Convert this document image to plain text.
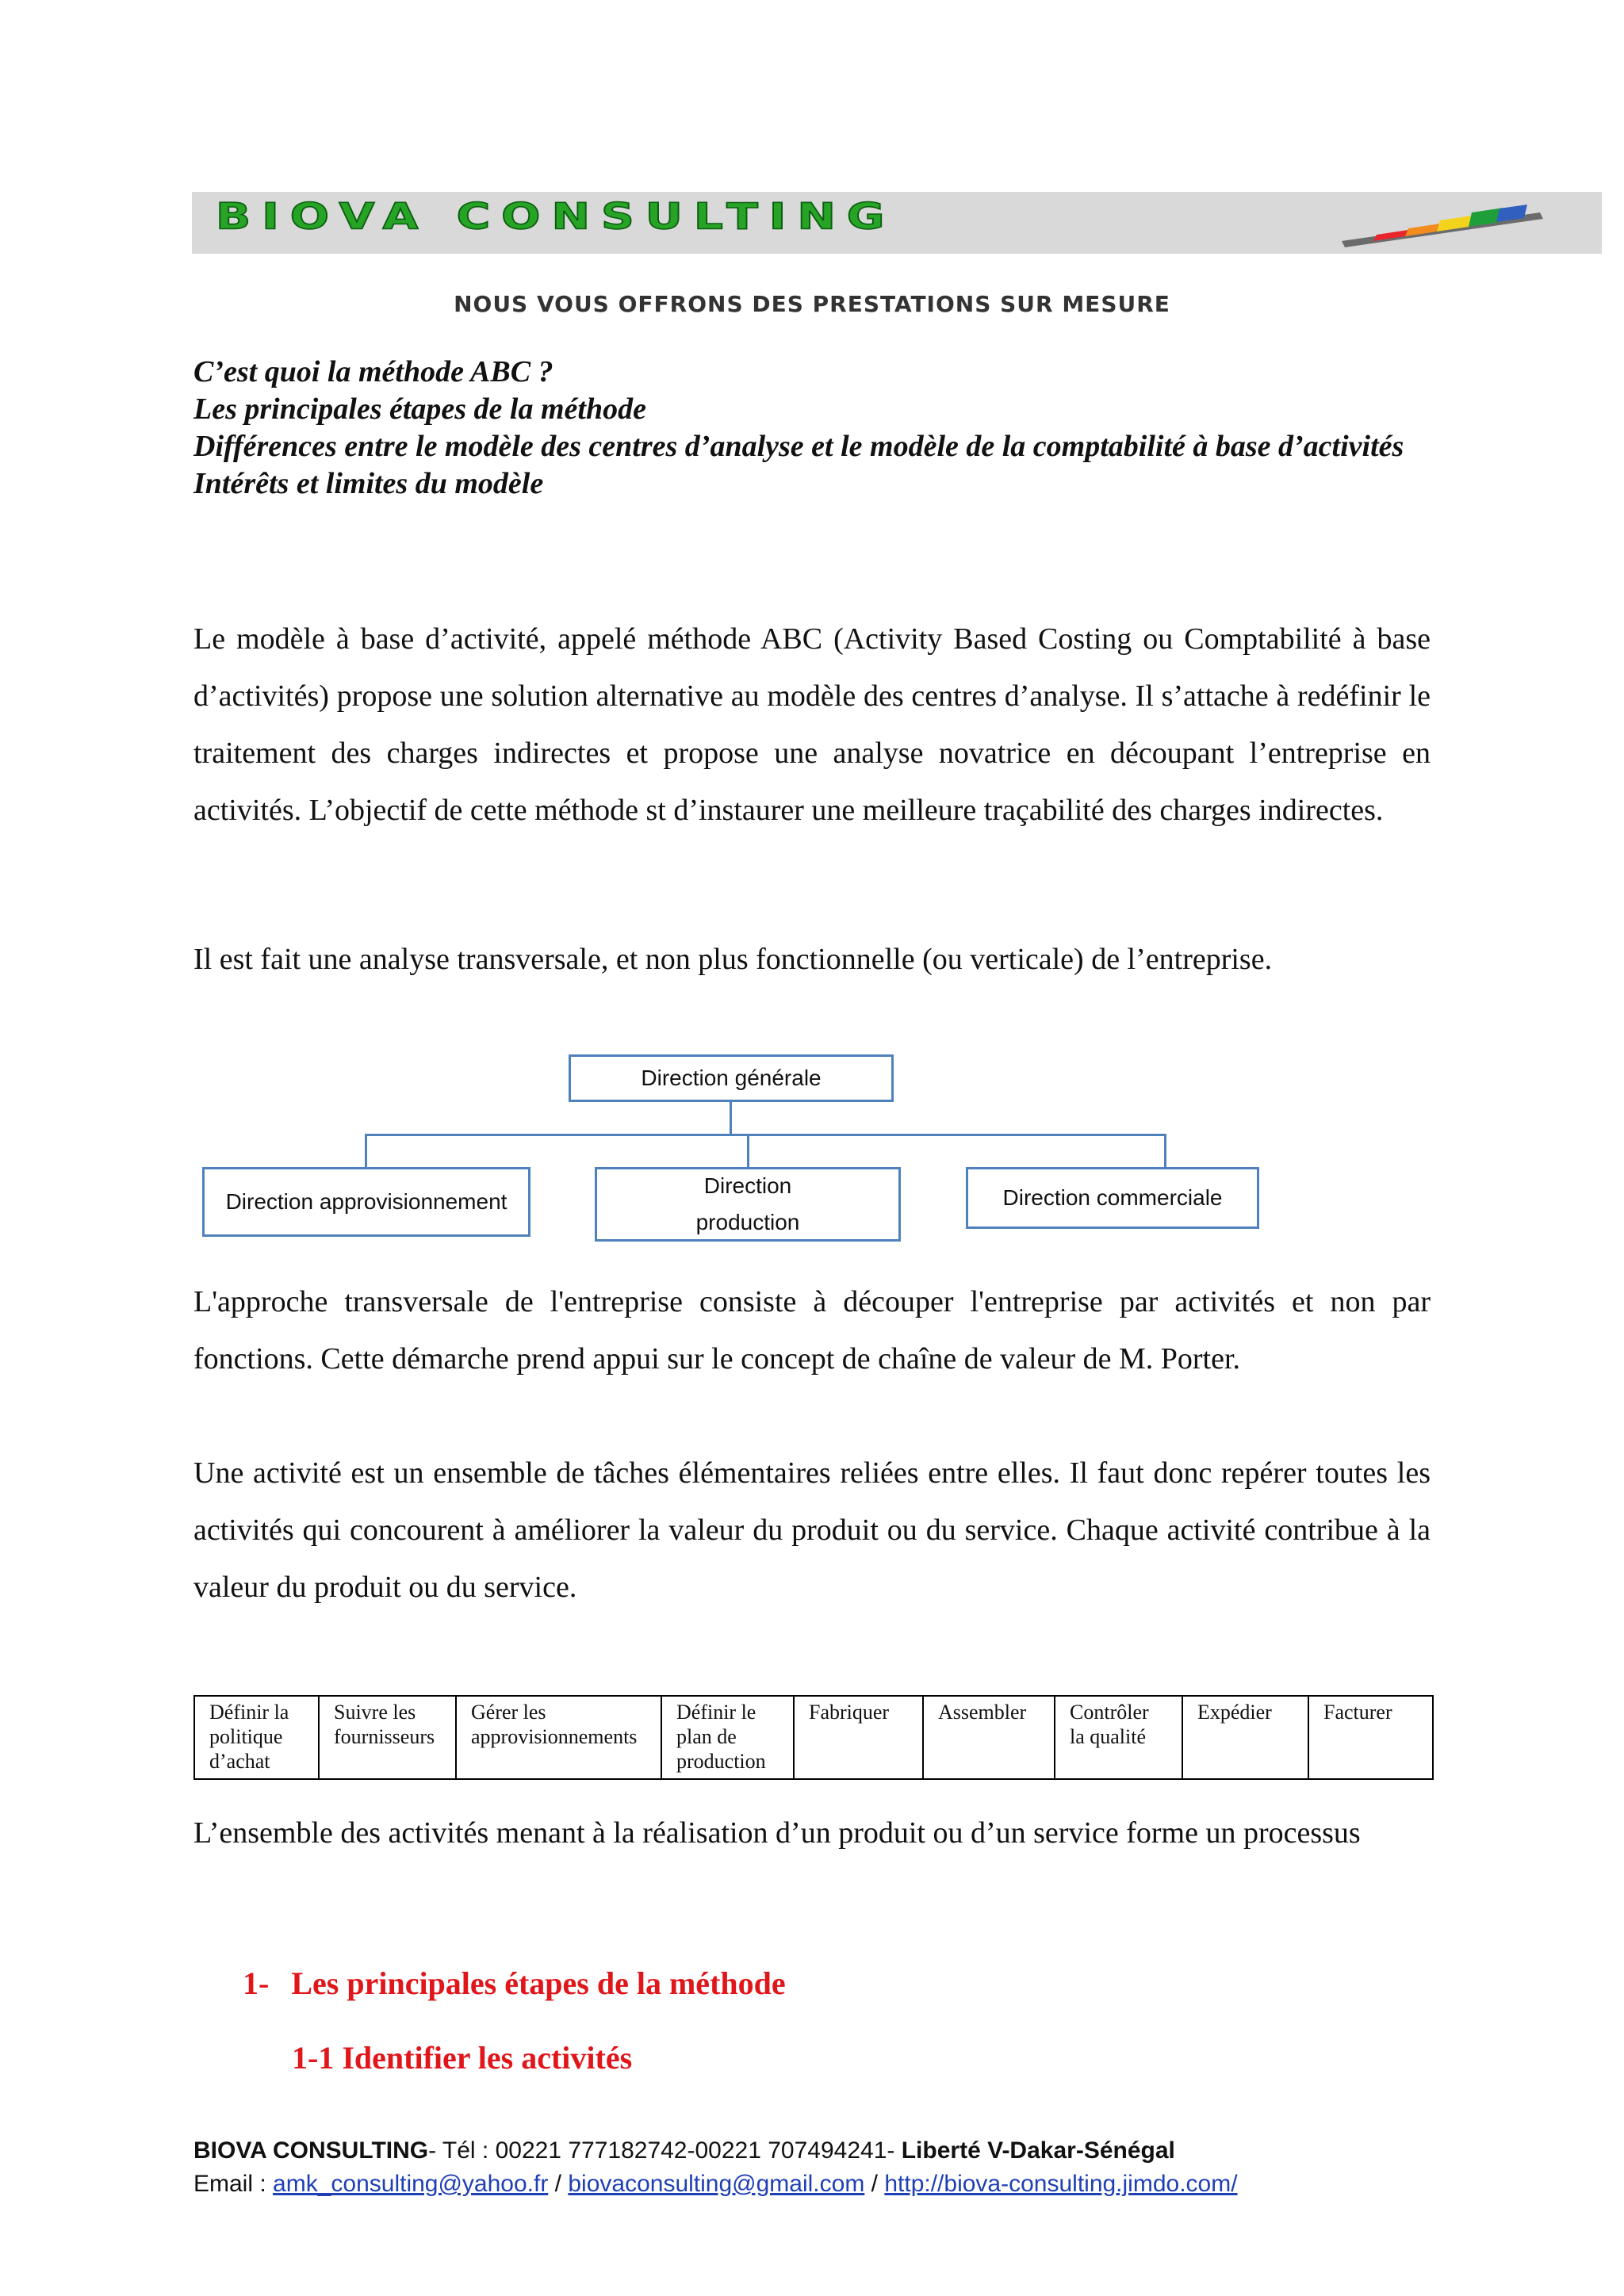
BIOVA CONSULTING
NOUS VOUS OFFRONS DES PRESTATIONS SUR MESURE
C’est quoi la méthode ABC ?
Les principales étapes de la méthode
Différences entre le modèle des centres d’analyse et le modèle de la comptabilité à base d’activités
Intérêts et limites du modèle

Le modèle à base d’activité, appelé méthode ABC (Activity Based Costing ou Comptabilité à base d’activités) propose une solution alternative au modèle des centres d’analyse. Il s’attache à redéfinir le traitement des charges indirectes et propose une analyse novatrice en découpant l’entreprise en activités. L’objectif de cette méthode st d’instaurer une meilleure traçabilité des charges indirectes.

Il est fait une analyse transversale, et non plus fonctionnelle (ou verticale) de l’entreprise.

Direction générale
Direction approvisionnement
Direction
production
Direction commerciale

L'approche transversale de l'entreprise consiste à découper l'entreprise par activités et non par fonctions. Cette démarche prend appui sur le concept de chaîne de valeur de M. Porter.

Une activité est un ensemble de tâches élémentaires reliées entre elles. Il faut donc repérer toutes les activités qui concourent à améliorer la valeur du produit ou du service. Chaque activité contribue à la valeur du produit ou du service.

Définir la politique d’achat	Suivre les fournisseurs	Gérer les approvisionnements	Définir le plan de production	Fabriquer	Assembler	Contrôler la qualité	Expédier	Facturer

L’ensemble des activités menant à la réalisation d’un produit ou d’un service forme un processus

1- Les principales étapes de la méthode
1-1 Identifier les activités
BIOVA CONSULTING- Tél : 00221 777182742-00221 707494241- Liberté V-Dakar-Sénégal
Email : amk_consulting@yahoo.fr / biovaconsulting@gmail.com / http://biova-consulting.jimdo.com/
